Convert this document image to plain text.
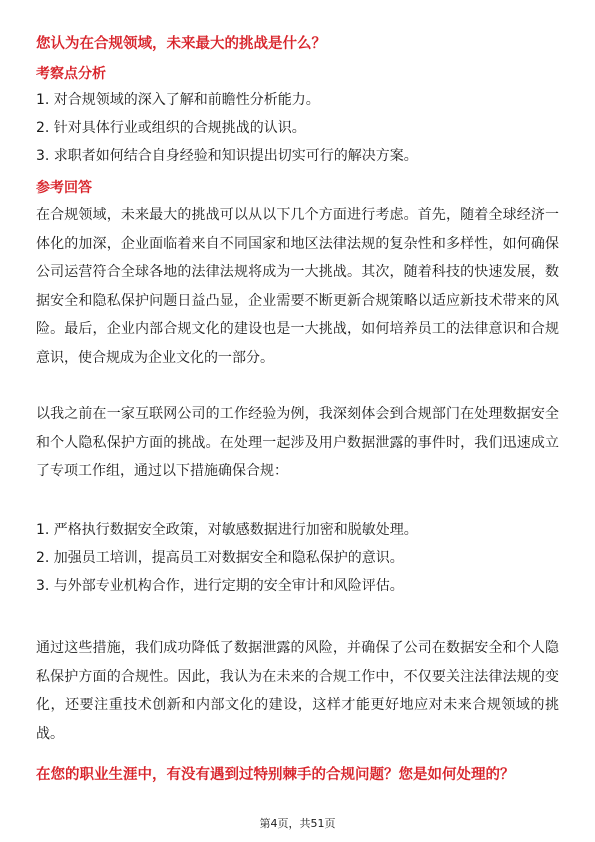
您认为在合规领域，未来最大的挑战是什么？
考察点分析
1. 对合规领域的深入了解和前瞻性分析能力。
2. 针对具体行业或组织的合规挑战的认识。
3. 求职者如何结合自身经验和知识提出切实可行的解决方案。
参考回答

在合规领域，未来最大的挑战可以从以下几个方面进行考虑。首先，随着全球经济一体化的加深，企业面临着来自不同国家和地区法律法规的复杂性和多样性，如何确保公司运营符合全球各地的法律法规将成为一大挑战。其次，随着科技的快速发展，数据安全和隐私保护问题日益凸显，企业需要不断更新合规策略以适应新技术带来的风险。最后，企业内部合规文化的建设也是一大挑战，如何培养员工的法律意识和合规意识，使合规成为企业文化的一部分。

以我之前在一家互联网公司的工作经验为例，我深刻体会到合规部门在处理数据安全和个人隐私保护方面的挑战。在处理一起涉及用户数据泄露的事件时，我们迅速成立了专项工作组，通过以下措施确保合规：

1. 严格执行数据安全政策，对敏感数据进行加密和脱敏处理。
2. 加强员工培训，提高员工对数据安全和隐私保护的意识。
3. 与外部专业机构合作，进行定期的安全审计和风险评估。

通过这些措施，我们成功降低了数据泄露的风险，并确保了公司在数据安全和个人隐私保护方面的合规性。因此，我认为在未来的合规工作中，不仅要关注法律法规的变化，还要注重技术创新和内部文化的建设，这样才能更好地应对未来合规领域的挑战。

在您的职业生涯中，有没有遇到过特别棘手的合规问题？您是如何处理的？
第4页，共51页
